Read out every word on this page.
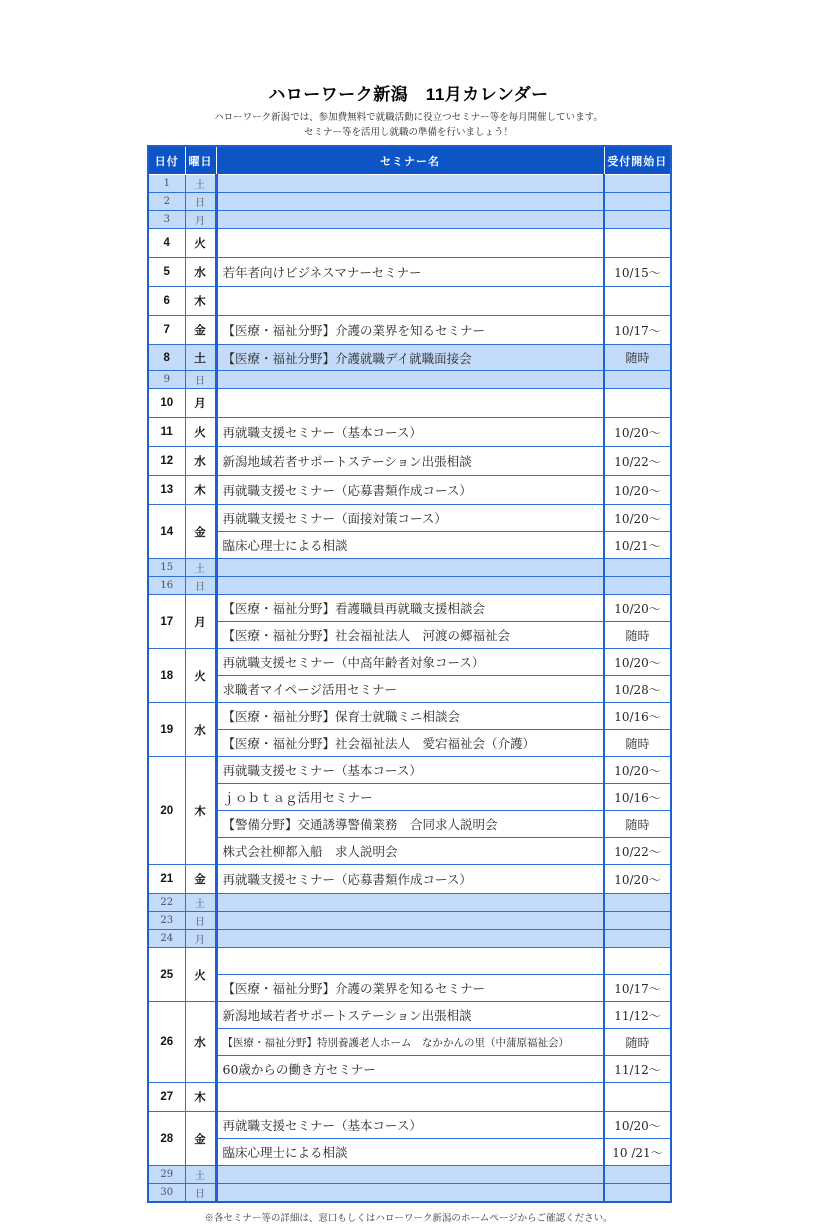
ハローワーク新潟　11月カレンダー
ハローワーク新潟では、参加費無料で就職活動に役立つセミナー等を毎月開催しています。
セミナー等を活用し就職の準備を行いましょう！
日付	曜日	セミナー名	受付開始日
1	土		
2	日		
3	月		
4	火		
5	水	若年者向けビジネスマナーセミナー	10/15～
6	木		
7	金	【医療・福祉分野】介護の業界を知るセミナー	10/17～
8	土	【医療・福祉分野】介護就職デイ就職面接会	随時
9	日		
10	月		
11	火	再就職支援セミナー（基本コース）	10/20～
12	水	新潟地域若者サポートステーション出張相談	10/22～
13	木	再就職支援セミナー（応募書類作成コース）	10/20～
14	金	再就職支援セミナー（面接対策コース）	10/20～
		臨床心理士による相談	10/21～
15	土		
16	日		
17	月	【医療・福祉分野】看護職員再就職支援相談会	10/20～
		【医療・福祉分野】社会福祉法人　河渡の郷福祉会	随時
18	火	再就職支援セミナー（中高年齢者対象コース）	10/20～
		求職者マイページ活用セミナー	10/28～
19	水	【医療・福祉分野】保育士就職ミニ相談会	10/16～
		【医療・福祉分野】社会福祉法人　愛宕福祉会（介護）	随時
20	木	再就職支援セミナー（基本コース）	10/20～
		ｊｏｂｔａｇ活用セミナー	10/16～
		【警備分野】交通誘導警備業務　合同求人説明会	随時
		株式会社柳都入船　求人説明会	10/22～
21	金	再就職支援セミナー（応募書類作成コース）	10/20～
22	土		
23	日		
24	月		
25	火		
		【医療・福祉分野】介護の業界を知るセミナー	10/17～
26	水	新潟地域若者サポートステーション出張相談	11/12～
		【医療・福祉分野】特別養護老人ホーム　なかかんの里（中蒲原福祉会）	随時
		60歳からの働き方セミナー	11/12～
27	木		
28	金	再就職支援セミナー（基本コース）	10/20～
		臨床心理士による相談	10 /21～
29	土		
30	日		
※各セミナー等の詳細は、窓口もしくはハローワーク新潟のホームページからご確認ください。
